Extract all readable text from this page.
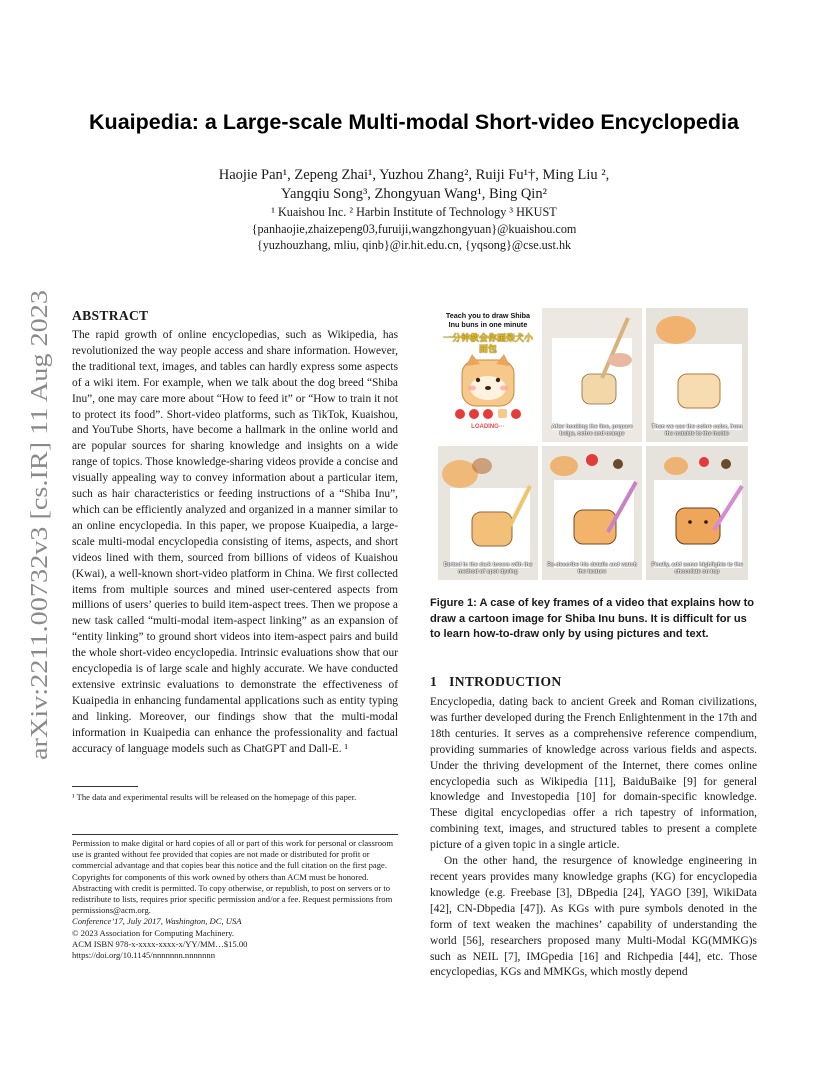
Kuaipedia: a Large-scale Multi-modal Short-video Encyclopedia
Haojie Pan¹, Zepeng Zhai¹, Yuzhou Zhang², Ruiji Fu¹†, Ming Liu ²,
Yangqiu Song³, Zhongyuan Wang¹, Bing Qin²
¹ Kuaishou Inc. ² Harbin Institute of Technology ³ HKUST
{panhaojie,zhaizepeng03,furuiji,wangzhongyuan}@kuaishou.com
{yuzhouzhang, mliu, qinb}@ir.hit.edu.cn, {yqsong}@cse.ust.hk
arXiv:2211.00732v3 [cs.IR] 11 Aug 2023
ABSTRACT

The rapid growth of online encyclopedias, such as Wikipedia, has revolutionized the way people access and share information. However, the traditional text, images, and tables can hardly express some aspects of a wiki item. For example, when we talk about the dog breed “Shiba Inu”, one may care more about “How to feed it” or “How to train it not to protect its food”. Short-video platforms, such as TikTok, Kuaishou, and YouTube Shorts, have become a hallmark in the online world and are popular sources for sharing knowledge and insights on a wide range of topics. Those knowledge-sharing videos provide a concise and visually appealing way to convey information about a particular item, such as hair characteristics or feeding instructions of a “Shiba Inu”, which can be efficiently analyzed and organized in a manner similar to an online encyclopedia. In this paper, we propose Kuaipedia, a large-scale multi-modal encyclopedia consisting of items, aspects, and short videos lined with them, sourced from billions of videos of Kuaishou (Kwai), a well-known short-video platform in China. We first collected items from multiple sources and mined user-centered aspects from millions of users’ queries to build item-aspect trees. Then we propose a new task called “multi-modal item-aspect linking” as an expansion of “entity linking” to ground short videos into item-aspect pairs and build the whole short-video encyclopedia. Intrinsic evaluations show that our encyclopedia is of large scale and highly accurate. We have conducted extensive extrinsic evaluations to demonstrate the effectiveness of Kuaipedia in enhancing fundamental applications such as entity typing and linking. Moreover, our findings show that the multi-modal information in Kuaipedia can enhance the professionality and factual accuracy of language models such as ChatGPT and Dall-E. ¹

¹ The data and experimental results will be released on the homepage of this paper.

Permission to make digital or hard copies of all or part of this work for personal or classroom use is granted without fee provided that copies are not made or distributed for profit or commercial advantage and that copies bear this notice and the full citation on the first page. Copyrights for components of this work owned by others than ACM must be honored. Abstracting with credit is permitted. To copy otherwise, or republish, to post on servers or to redistribute to lists, requires prior specific permission and/or a fee. Request permissions from permissions@acm.org.

Conference’17, July 2017, Washington, DC, USA

© 2023 Association for Computing Machinery.

ACM ISBN 978-x-xxxx-xxxx-x/YY/MM…$15.00

https://doi.org/10.1145/nnnnnnn.nnnnnnn

Teach you to draw Shiba Inu buns in one minute
一分钟教会你画柴犬小面包
LOADING···	After hooking the line, prepare beige, ochre and orange
Then we use the ochre color, from the outside to the inside
Dotted in the dark brown with the method of spot dyeing
Re-describe his details and watch the texture
Finally, add some highlights to the chocolate on top
Figure 1: A case of key frames of a video that explains how to draw a cartoon image for Shiba Inu buns. It is difficult for us to learn how-to-draw only by using pictures and text.
1 INTRODUCTION

Encyclopedia, dating back to ancient Greek and Roman civilizations, was further developed during the French Enlightenment in the 17th and 18th centuries. It serves as a comprehensive reference compendium, providing summaries of knowledge across various fields and aspects. Under the thriving development of the Internet, there comes online encyclopedia such as Wikipedia [11], BaiduBaike [9] for general knowledge and Investopedia [10] for domain-specific knowledge. These digital encyclopedias offer a rich tapestry of information, combining text, images, and structured tables to present a complete picture of a given topic in a single article.

On the other hand, the resurgence of knowledge engineering in recent years provides many knowledge graphs (KG) for encyclopedia knowledge (e.g. Freebase [3], DBpedia [24], YAGO [39], WikiData [42], CN-Dbpedia [47]). As KGs with pure symbols denoted in the form of text weaken the machines’ capability of understanding the world [56], researchers proposed many Multi-Modal KG(MMKG)s such as NEIL [7], IMGpedia [16] and Richpedia [44], etc. Those encyclopedias, KGs and MMKGs, which mostly depend
